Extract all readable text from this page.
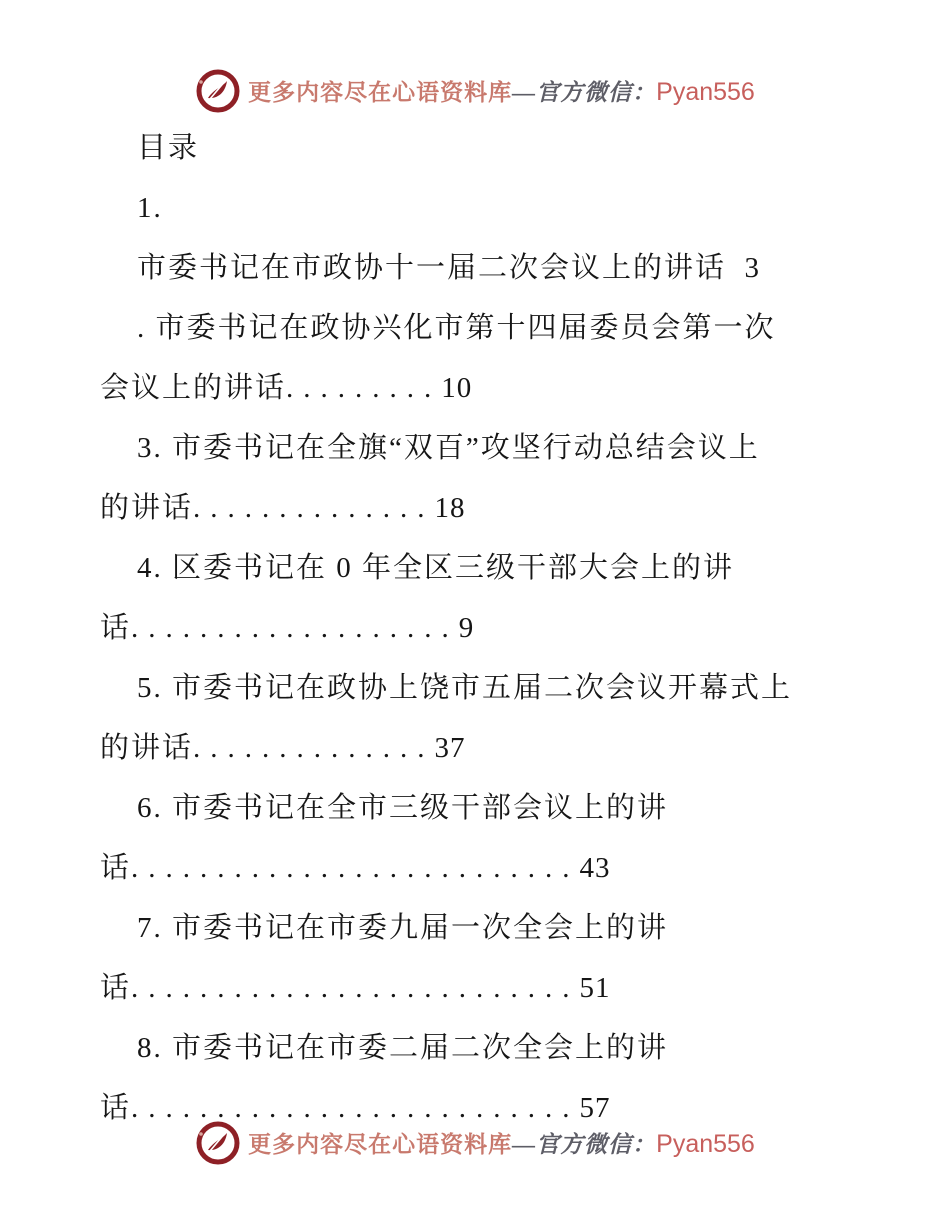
更多内容尽在心语资料库—官方微信：Pyan556
目录
1.
市委书记在市政协十一届二次会议上的讲话  3
. 市委书记在政协兴化市第十四届委员会第一次
会议上的讲话.........10
3. 市委书记在全旗“双百”攻坚行动总结会议上
的讲话..............18
4. 区委书记在 0 年全区三级干部大会上的讲
话...................9
5. 市委书记在政协上饶市五届二次会议开幕式上
的讲话..............37
6. 市委书记在全市三级干部会议上的讲
话..........................43
7. 市委书记在市委九届一次全会上的讲
话..........................51
8. 市委书记在市委二届二次全会上的讲
话..........................57
更多内容尽在心语资料库—官方微信：Pyan556
